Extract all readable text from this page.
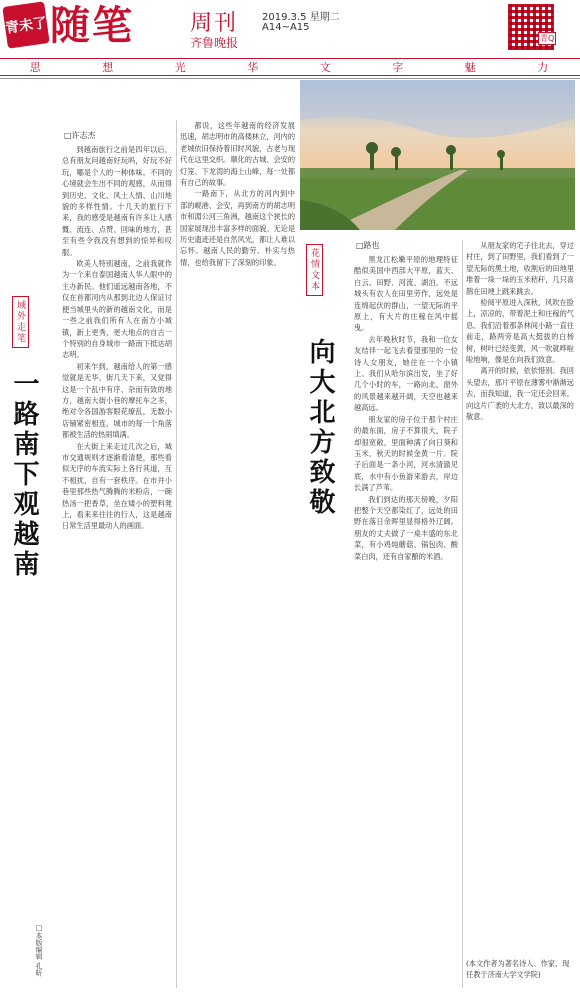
青未了 随笔	周刊
齐鲁晚报
2019.3.5 星期二
A14~A15
青Q
思	想	光	华	文	字	魅	力
□许志杰
域外走笔
一路南下观越南

到越南旅行之前是四年以后，总有朋友问越南好玩吗，好玩不好玩，哪是个人的一种体味。不同的心境就会生出不同的观感，从而得到历史、文化、风土人情、山川地貌的多样性情。十几天的旅行下来，我的感受是越南有许多让人感慨、流连、点赞、回味的地方，甚至有些令我没有想到的惊异和叹服。

欧美人特别越南，之前我就作为一个来自泰国越南人华人眼中的主办新民。他们遥远越南各地，不仅在首都河内从那到北边人保证讨便当城里头的新的越南文化，而是一些之前我们所有人在南方小城镇，新上更秀，更大地点的自古一个特别的自身城市一路南下抵达胡志明。

初来乍到，越南给人的第一感觉就是无华。街几天下来，又觉得这是一个乱中有序、杂而有致的地方，越南大街小巷的摩托车之多，绝对令各国游客眼花缭乱，无数小店铺紧密相连，城市的每一个角落都被生活的热闹填满。

在大街上来走过几次之后，城市交通规则才逐渐看清楚，那些看似无序的车流实际上各行其道，互不相扰，自有一套秩序。在市井小巷里那些热气腾腾的米粉店，一碗热汤一把香草，坐在矮小的塑料凳上，看来来往往的行人，这是越南日常生活里最动人的画面。

都说，这些年越南的经济发展迅速，胡志明市的高楼林立，河内的老城依旧保持着旧时风貌，古老与现代在这里交织。顺化的古城、会安的灯笼、下龙湾的海上山峰，每一处都有自己的故事。

一路南下，从北方的河内到中部的岘港、会安，再到南方的胡志明市和湄公河三角洲，越南这个狭长的国家展现出丰富多样的面貌。无论是历史遗迹还是自然风光，都让人难以忘怀。越南人民的勤劳、朴实与热情，也给我留下了深刻的印象。

□本版编辑 孔昕
□路也
花情文本
向大北方致敬

黑龙江松嫩平原的地理特征酷似美国中西部大平原，蓝天、白云、田野、河流、湖泊，不远城头有农人在田里劳作，远处是连绵起伏的群山，一望无际的平原上，有大片的庄稼在风中摇曳。

去年晚秋时节，我和一位女友结伴一起飞去看望那里的一位诗人女朋友，她住在一个小镇上。我们从哈尔滨出发，坐了好几个小时的车，一路向北，窗外的风景越来越开阔，天空也越来越高远。

朋友家的房子位于那个村庄的最东面，房子不算很大，院子却很宽敞，里面种满了向日葵和玉米，秋天的时候金黄一片。院子后面是一条小河，河水清澈见底，水中有小鱼游来游去，岸边长满了芦苇。

我们到达的那天傍晚，夕阳把整个天空都染红了，远处的田野在落日余晖里显得格外辽阔。朋友的丈夫做了一桌丰盛的东北菜，有小鸡炖蘑菇、锅包肉、酸菜白肉，还有自家酿的米酒。

从朋友家的宅子往北去，穿过村庄，到了田野里，我们看到了一望无际的黑土地，收割后的田地里堆着一垛一垛的玉米秸秆，几只喜鹊在田埂上跳来跳去。

检阅平原进入深秋，风吹在脸上，凉凉的，带着泥土和庄稼的气息。我们沿着那条林间小路一直往前走，路两旁是高大挺拔的白杨树，树叶已经变黄，风一吹就哗啦啦地响，像是在向我们致意。

离开的时候，依依惜别。我回头望去，那片平原在薄雾中渐渐远去，而我知道，我一定还会回来，向这片广袤的大北方，致以最深的敬意。

(本文作者为著名诗人、作家，现任教于济南大学文学院)
